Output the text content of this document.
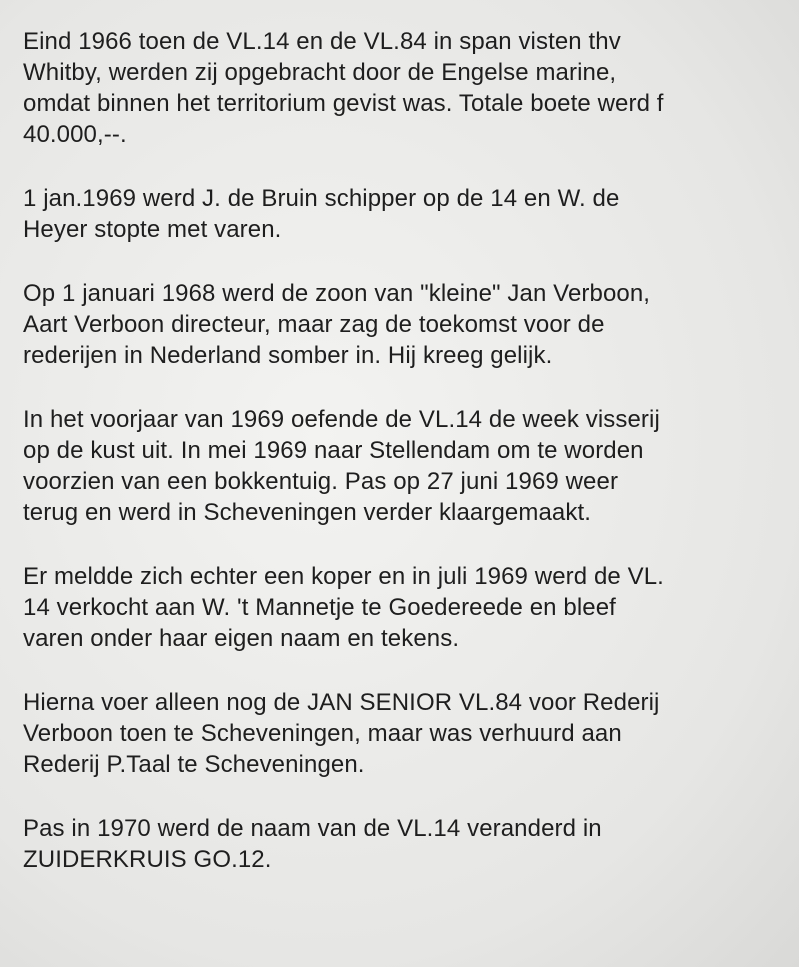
Eind 1966 toen de VL.14 en de VL.84 in span visten thv
Whitby, werden zij opgebracht door de Engelse marine,
omdat binnen het territorium gevist was. Totale boete werd f
40.000,--.

1 jan.1969 werd J. de Bruin schipper op de 14 en W. de
Heyer stopte met varen.

Op 1 januari 1968 werd de zoon van "kleine" Jan Verboon,
Aart Verboon directeur, maar zag de toekomst voor de
rederijen in Nederland somber in. Hij kreeg gelijk.

In het voorjaar van 1969 oefende de VL.14 de week visserij
op de kust uit. In mei 1969 naar Stellendam om te worden
voorzien van een bokkentuig. Pas op 27 juni 1969 weer
terug en werd in Scheveningen verder klaargemaakt.

Er meldde zich echter een koper en in juli 1969 werd de VL.
14 verkocht aan W. 't Mannetje te Goedereede en bleef
varen onder haar eigen naam en tekens.

Hierna voer alleen nog de JAN SENIOR VL.84 voor Rederij
Verboon toen te Scheveningen, maar was verhuurd aan
Rederij P.Taal te Scheveningen.

Pas in 1970 werd de naam van de VL.14 veranderd in
ZUIDERKRUIS GO.12.
